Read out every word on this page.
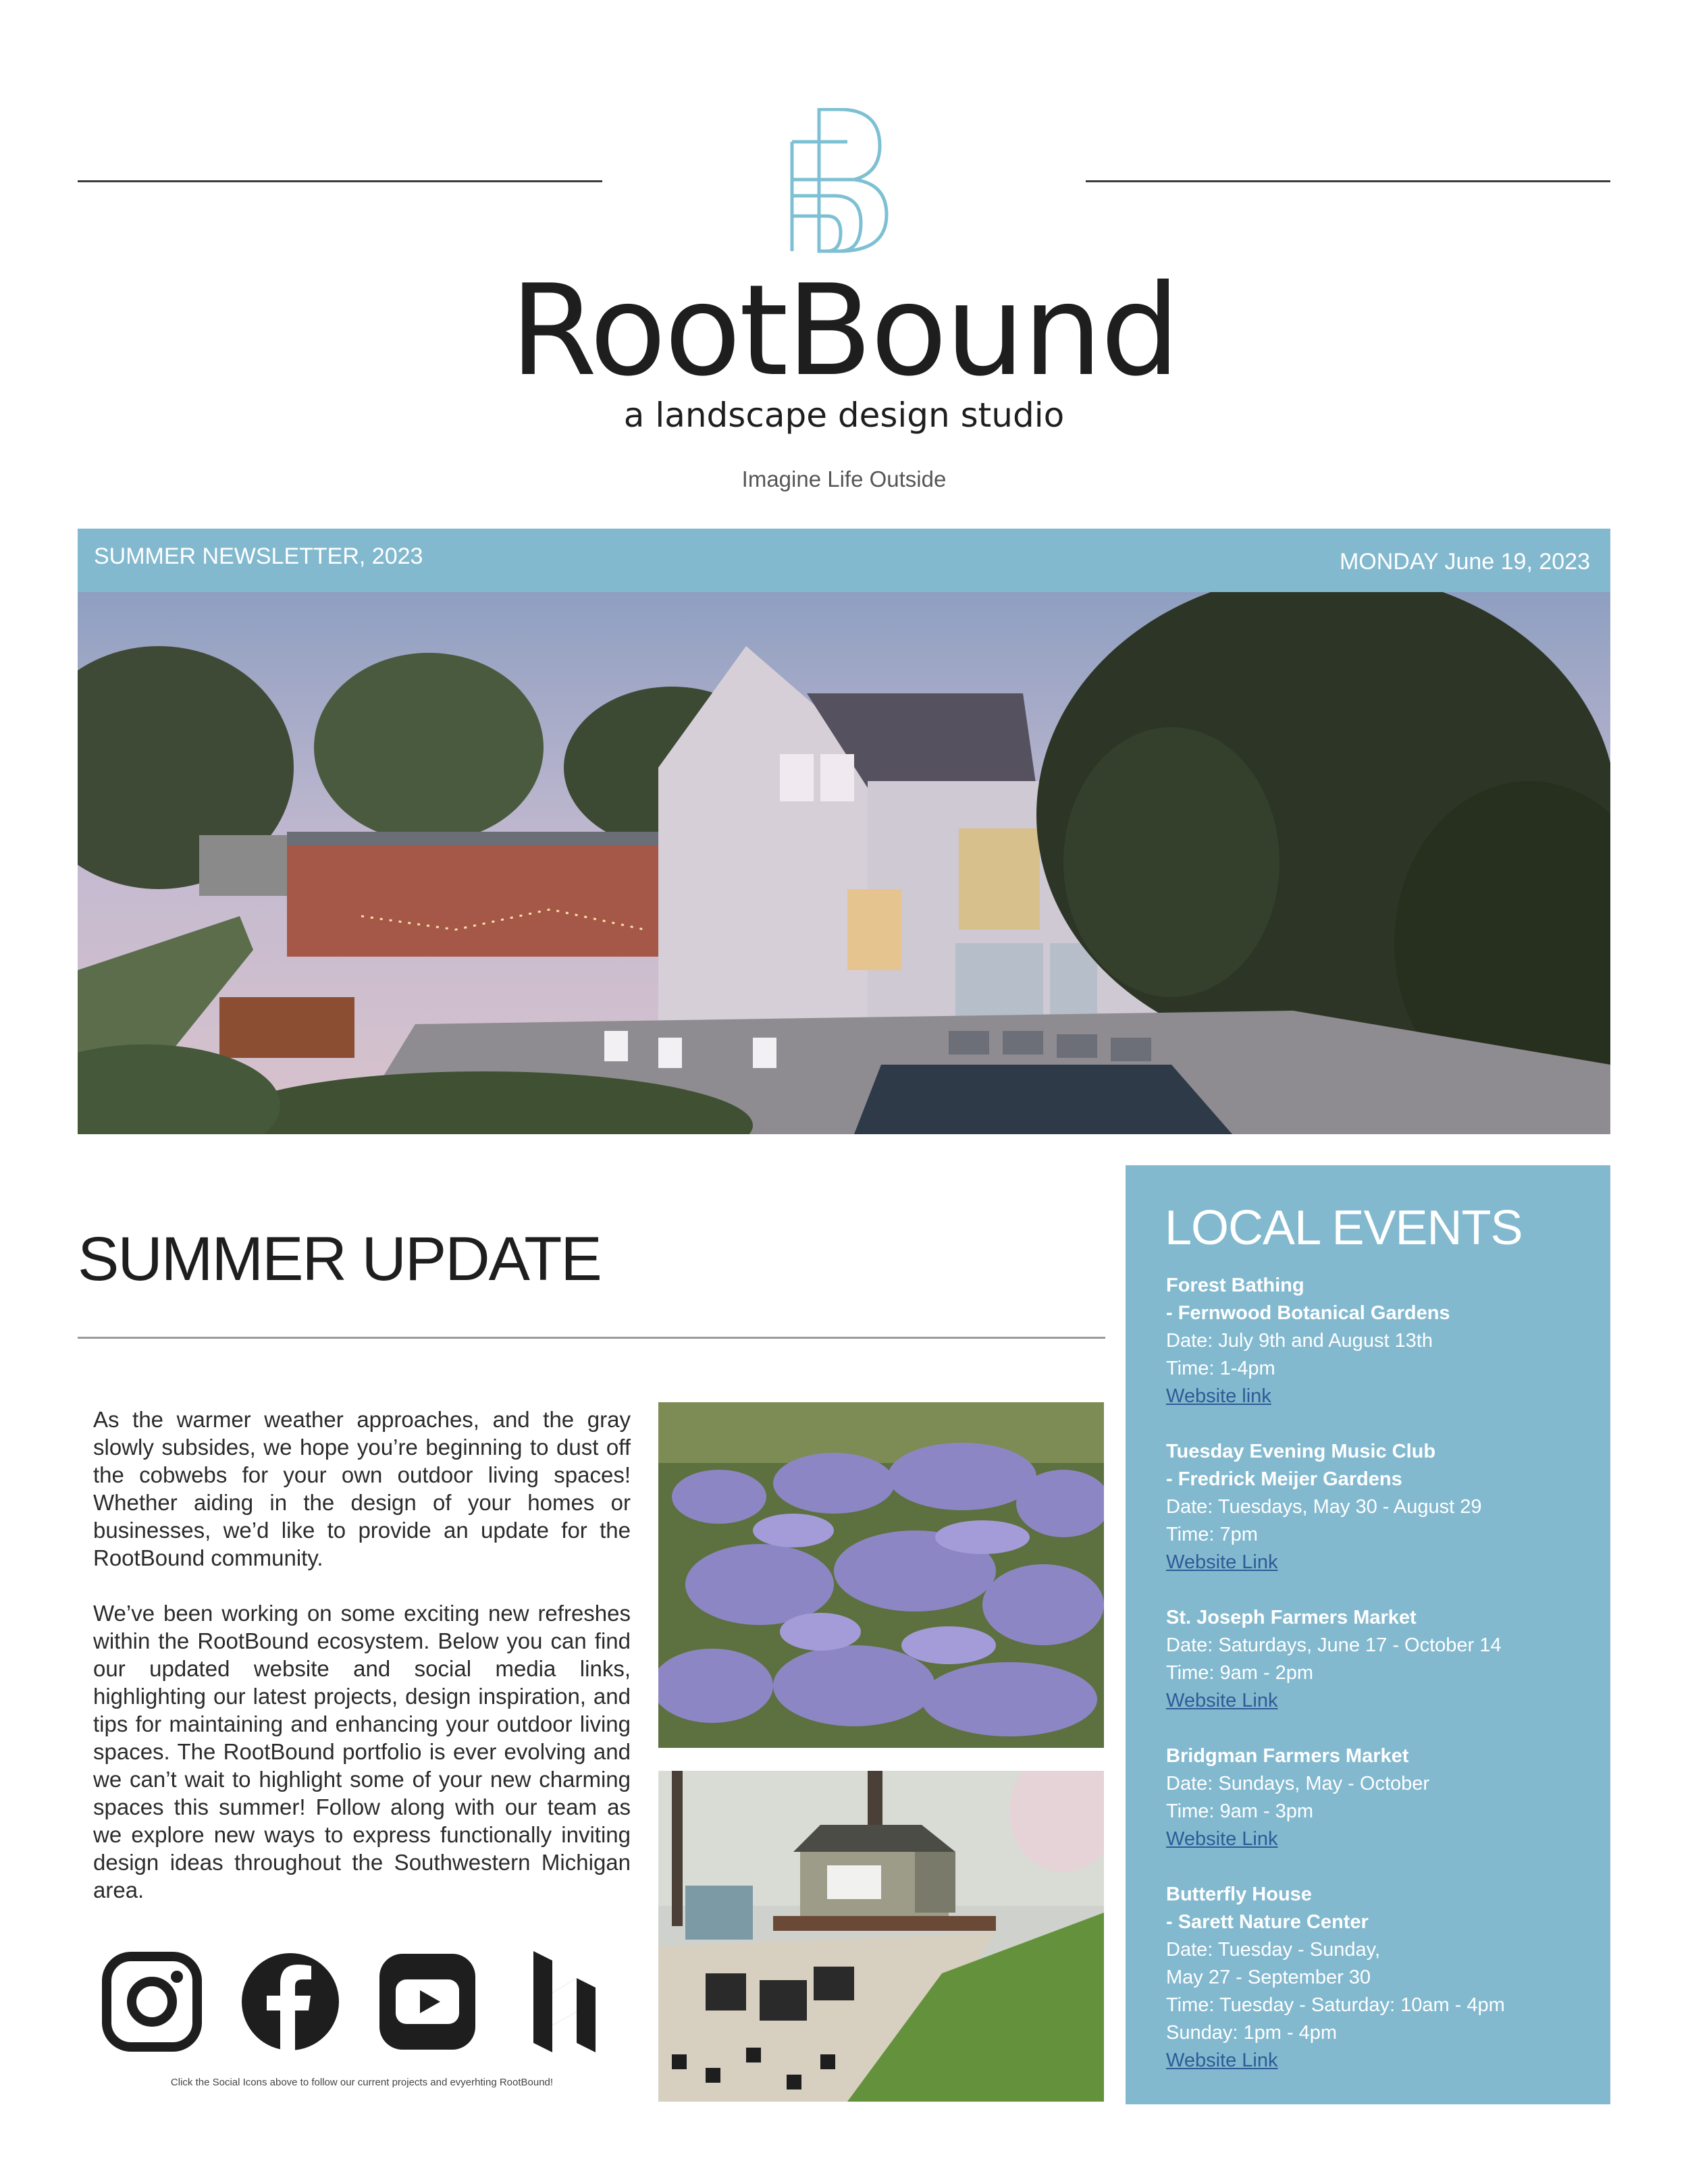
RootBound
a landscape design studio
Imagine Life Outside
SUMMER NEWSLETTER, 2023	MONDAY June 19, 2023
SUMMER UPDATE
As the warmer weather approaches, and the gray slowly subsides, we hope you’re beginning to dust off the cobwebs for your own outdoor living spaces! Whether aiding in the design of your homes or businesses, we’d like to provide an update for the RootBound community.
We’ve been working on some exciting new refreshes within the RootBound ecosystem. Below you can find our updated website and social media links, highlighting our latest projects, design inspiration, and tips for maintaining and enhancing your outdoor living spaces. The RootBound portfolio is ever evolving and we can’t wait to highlight some of your new charming spaces this summer! Follow along with our team as we explore new ways to express functionally inviting design ideas throughout the Southwestern Michigan area.
Click the Social Icons above to follow our current projects and evyerhting RootBound!
LOCAL EVENTS
Forest Bathing
- Fernwood Botanical Gardens
Date: July 9th and August 13th
Time: 1-4pm
Website link
Tuesday Evening Music Club
- Fredrick Meijer Gardens
Date: Tuesdays, May 30 - August 29
Time: 7pm
Website Link
St. Joseph Farmers Market
Date: Saturdays, June 17 - October 14
Time: 9am - 2pm
Website Link
Bridgman Farmers Market
Date: Sundays, May - October
Time: 9am - 3pm
Website Link
Butterfly House
- Sarett Nature Center
Date: Tuesday - Sunday,
May 27 - September 30
Time: Tuesday - Saturday: 10am - 4pm
Sunday: 1pm - 4pm
Website Link
